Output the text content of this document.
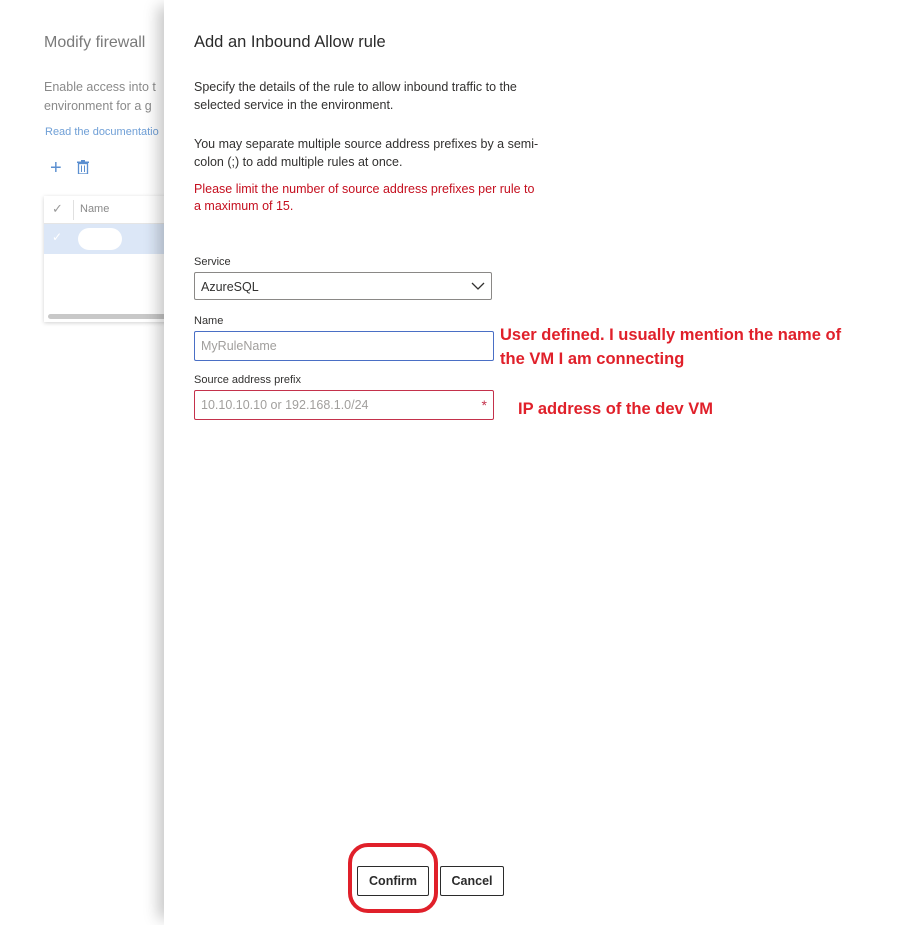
Modify firewall
Enable access into t
environment for a g
Read the documentatio
+
✓ Name
✓
Add an Inbound Allow rule
Specify the details of the rule to allow inbound traffic to the selected service in the environment.
You may separate multiple source address prefixes by a semi-colon (;) to add multiple rules at once.
Please limit the number of source address prefixes per rule to a maximum of 15.
Service
AzureSQL
Name
MyRuleName
Source address prefix
10.10.10.10 or 192.168.1.0/24
*
User defined. I usually mention the name of
the VM I am connecting
IP address of the dev VM
Confirm	Cancel
